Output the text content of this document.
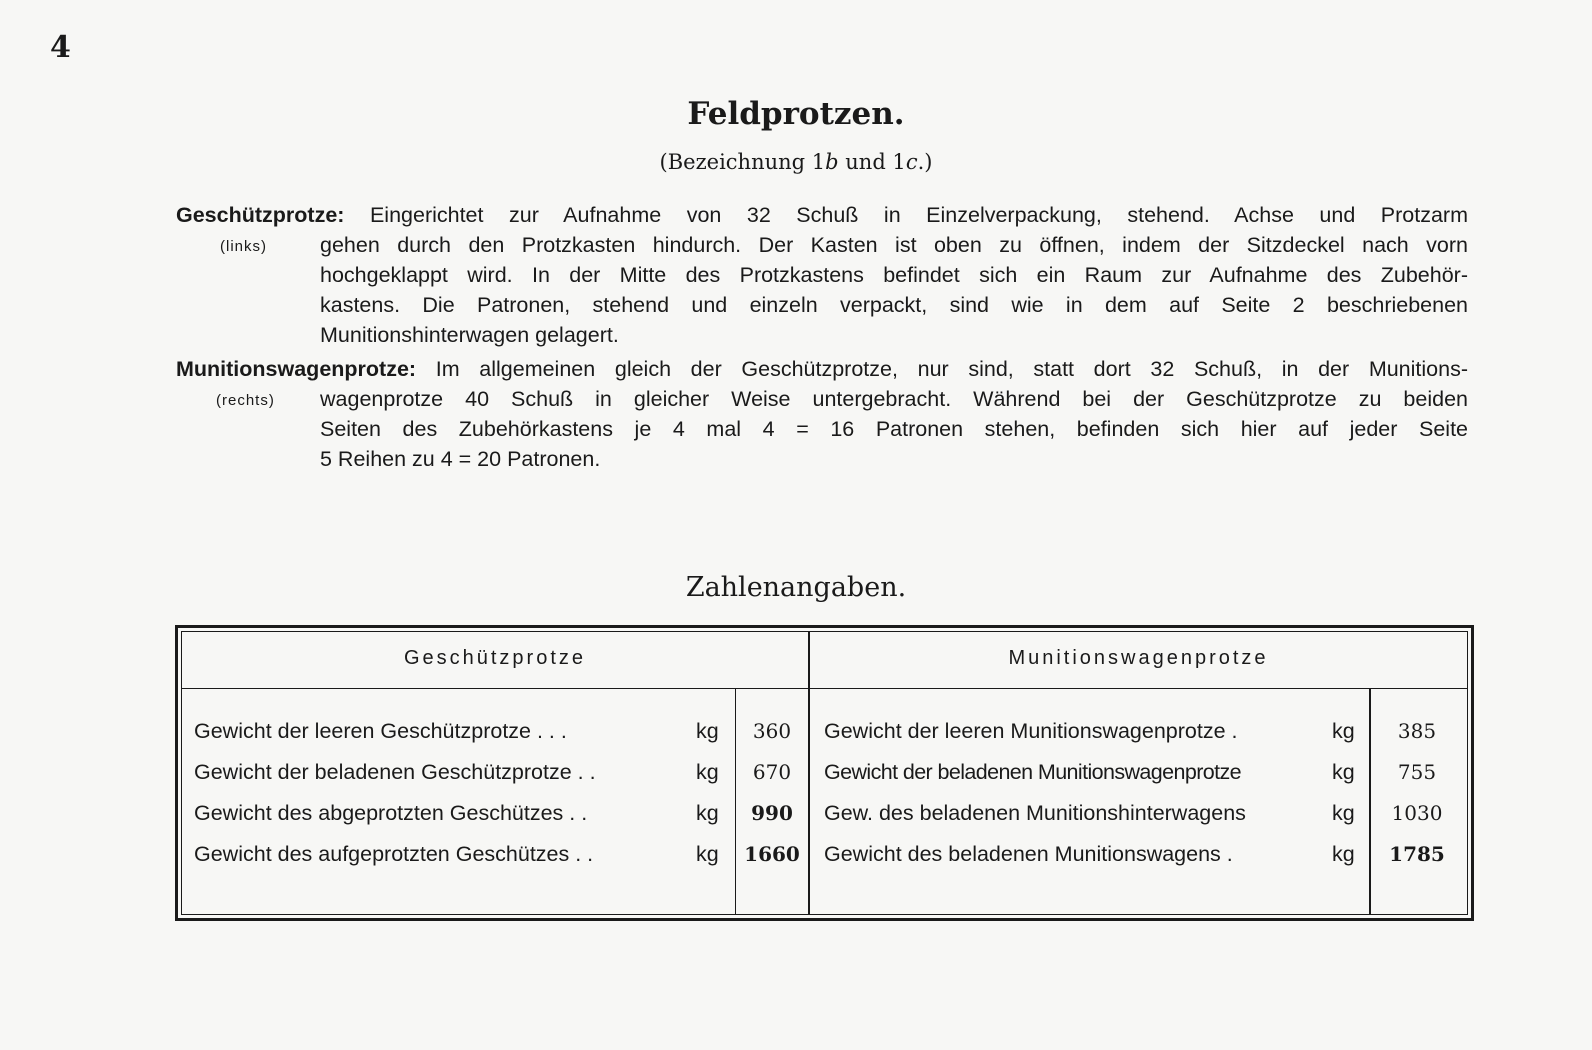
4
Feldprotzen.
(Bezeichnung 1b und 1c.)
(links)
Geschützprotze: Eingerichtet zur Aufnahme von 32 Schuß in Einzelverpackung, stehend. Achse und Protzarm
gehen durch den Protzkasten hindurch. Der Kasten ist oben zu öffnen, indem der Sitzdeckel nach vorn
hochgeklappt wird. In der Mitte des Protzkastens befindet sich ein Raum zur Aufnahme des Zubehör-
kastens. Die Patronen, stehend und einzeln verpackt, sind wie in dem auf Seite 2 beschriebenen
Munitionshinterwagen gelagert.
(rechts)
Munitionswagenprotze: Im allgemeinen gleich der Geschützprotze, nur sind, statt dort 32 Schuß, in der Munitions-
wagenprotze 40 Schuß in gleicher Weise untergebracht. Während bei der Geschützprotze zu beiden
Seiten des Zubehörkastens je 4 mal 4 = 16 Patronen stehen, befinden sich hier auf jeder Seite
5 Reihen zu 4 = 20 Patronen.
Zahlenangaben.
Geschützprotze	Munitionswagenprotze
Gewicht der leeren Geschützprotze . . .	kg	360
Gewicht der beladenen Geschützprotze . .	kg	670
Gewicht des abgeprotzten Geschützes . .	kg	990
Gewicht des aufgeprotzten Geschützes . .	kg	1660
Gewicht der leeren Munitionswagenprotze .	kg	385
Gewicht der beladenen Munitionswagenprotze	kg	755
Gew. des beladenen Munitionshinterwagens	kg	1030
Gewicht des beladenen Munitionswagens .	kg	1785
